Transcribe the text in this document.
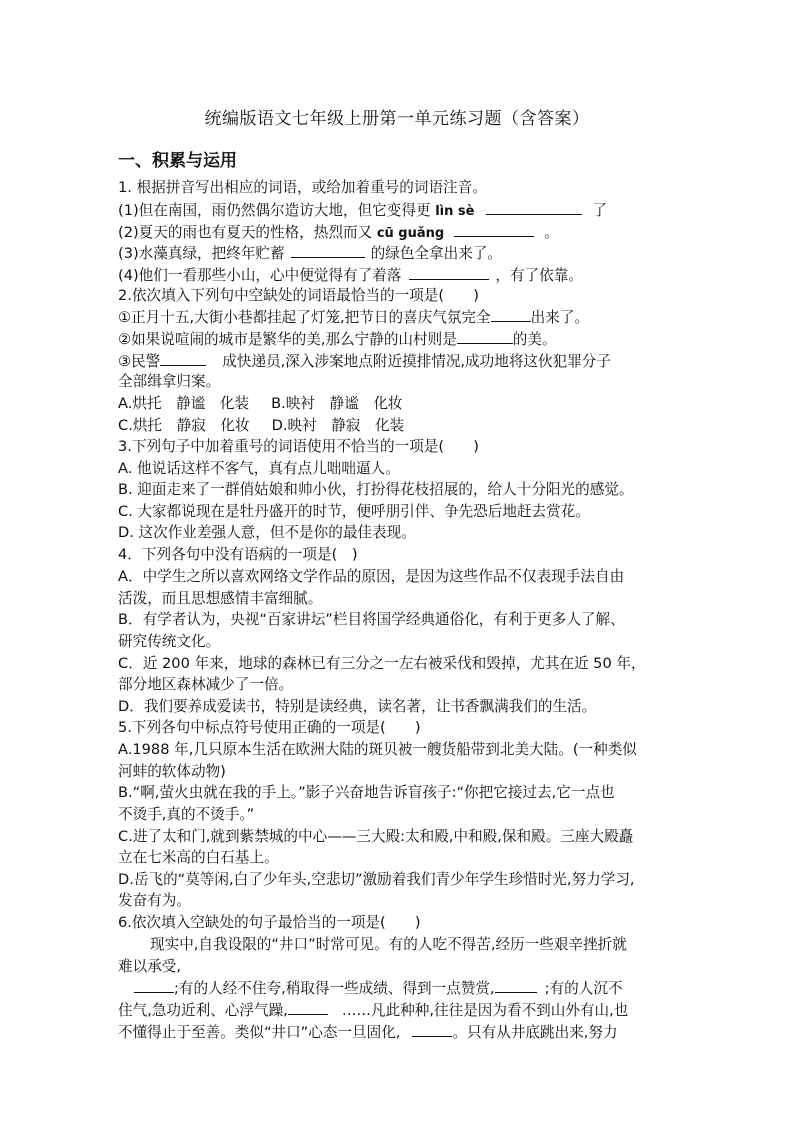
统编版语文七年级上册第一单元练习题（含答案）
一、积累与运用
1. 根据拼音写出相应的词语，或给加着重号的词语注音。
(1)但在南国，雨仍然偶尔造访大地，但它变得更 lìn sè	了
(2)夏天的雨也有夏天的性格，热烈而又 cū guǎng	。
(3)水藻真绿，把终年贮蓄	的绿色全拿出来了。
(4)他们一看那些小山，心中便觉得有了着落	，有了依靠。
2.依次填入下列句中空缺处的词语最恰当的一项是(　　)
①正月十五,大街小巷都挂起了灯笼,把节日的喜庆气氛完全	出来了。
②如果说喧闹的城市是繁华的美,那么宁静的山村则是	的美。
③民警	成快递员,深入涉案地点附近摸排情况,成功地将这伙犯罪分子
全部缉拿归案。
A.烘托　静谧　化装 B.映衬　静谧　化妆
C.烘托　静寂　化妆 D.映衬　静寂　化装
3.下列句子中加着重号的词语使用不恰当的一项是(　　)
A. 他说话这样不客气，真有点儿咄咄逼人。
B. 迎面走来了一群俏姑娘和帅小伙，打扮得花枝招展的，给人十分阳光的感觉。
C. 大家都说现在是牡丹盛开的时节，便呼朋引伴、争先恐后地赶去赏花。
D. 这次作业差强人意，但不是你的最佳表现。
4．下列各句中没有语病的一项是(　)
A．中学生之所以喜欢网络文学作品的原因，是因为这些作品不仅表现手法自由
活泼，而且思想感情丰富细腻。
B．有学者认为，央视“百家讲坛”栏目将国学经典通俗化，有利于更多人了解、
研究传统文化。
C．近 200 年来，地球的森林已有三分之一左右被采伐和毁掉，尤其在近 50 年，
部分地区森林减少了一倍。
D．我们要养成爱读书，特别是读经典，读名著，让书香飘满我们的生活。
5.下列各句中标点符号使用正确的一项是(　　)
A.1988 年,几只原本生活在欧洲大陆的斑贝被一艘货船带到北美大陆。(一种类似
河蚌的软体动物)
B.“啊,萤火虫就在我的手上。”影子兴奋地告诉盲孩子:“你把它接过去,它一点也
不烫手,真的不烫手。”
C.进了太和门,就到紫禁城的中心——三大殿:太和殿,中和殿,保和殿。三座大殿矗
立在七米高的白石基上。
D.岳飞的“莫等闲,白了少年头,空悲切”激励着我们青少年学生珍惜时光,努力学习,
发奋有为。
6.依次填入空缺处的句子最恰当的一项是(　　)
现实中,自我设限的“井口”时常可见。有的人吃不得苦,经历一些艰辛挫折就
难以承受,
;有的人经不住夸,稍取得一些成绩、得到一点赞赏,	;有的人沉不
住气,急功近利、心浮气躁,	……凡此种种,往往是因为看不到山外有山,也
不懂得止于至善。类似“井口”心态一旦固化,	。只有从井底跳出来,努力
